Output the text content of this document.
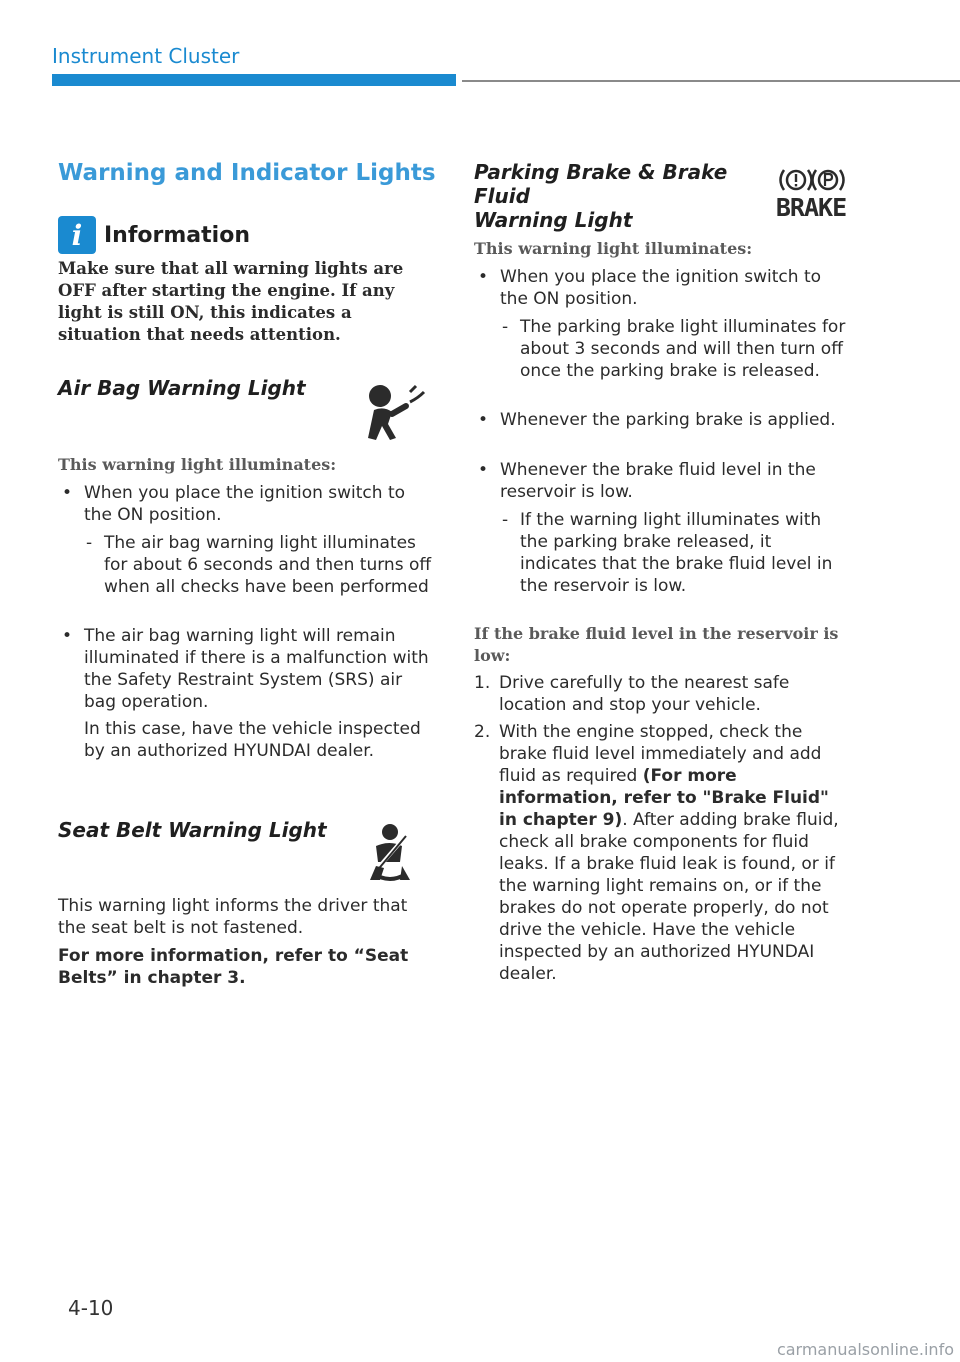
Instrument Cluster
Warning and Indicator Lights
i Information
Make sure that all warning lights are OFF after starting the engine. If any light is still ON, this indicates a situation that needs attention.
Air Bag Warning Light
This warning light illuminates:
• When you place the ignition switch to the ON position.
- The air bag warning light illuminates for about 6 seconds and then turns off when all checks have been performed
• The air bag warning light will remain illuminated if there is a malfunction with the Safety Restraint System (SRS) air bag operation.
In this case, have the vehicle inspected by an authorized HYUNDAI dealer.
Seat Belt Warning Light
This warning light informs the driver that the seat belt is not fastened.
For more information, refer to “Seat Belts” in chapter 3.
Parking Brake & Brake Fluid
Warning Light	BRAKE
This warning light illuminates:
• When you place the ignition switch to the ON position.
- The parking brake light illuminates for about 3 seconds and will then turn off once the parking brake is released.
• Whenever the parking brake is applied.
• Whenever the brake fluid level in the reservoir is low.
- If the warning light illuminates with the parking brake released, it indicates that the brake fluid level in the reservoir is low.
If the brake fluid level in the reservoir is low:
1. Drive carefully to the nearest safe location and stop your vehicle.
2. With the engine stopped, check the brake fluid level immediately and add fluid as required (For more information, refer to "Brake Fluid" in chapter 9). After adding brake fluid, check all brake components for fluid leaks. If a brake fluid leak is found, or if the warning light remains on, or if the brakes do not operate properly, do not drive the vehicle. Have the vehicle inspected by an authorized HYUNDAI dealer.
4-10
carmanualsonline.info
